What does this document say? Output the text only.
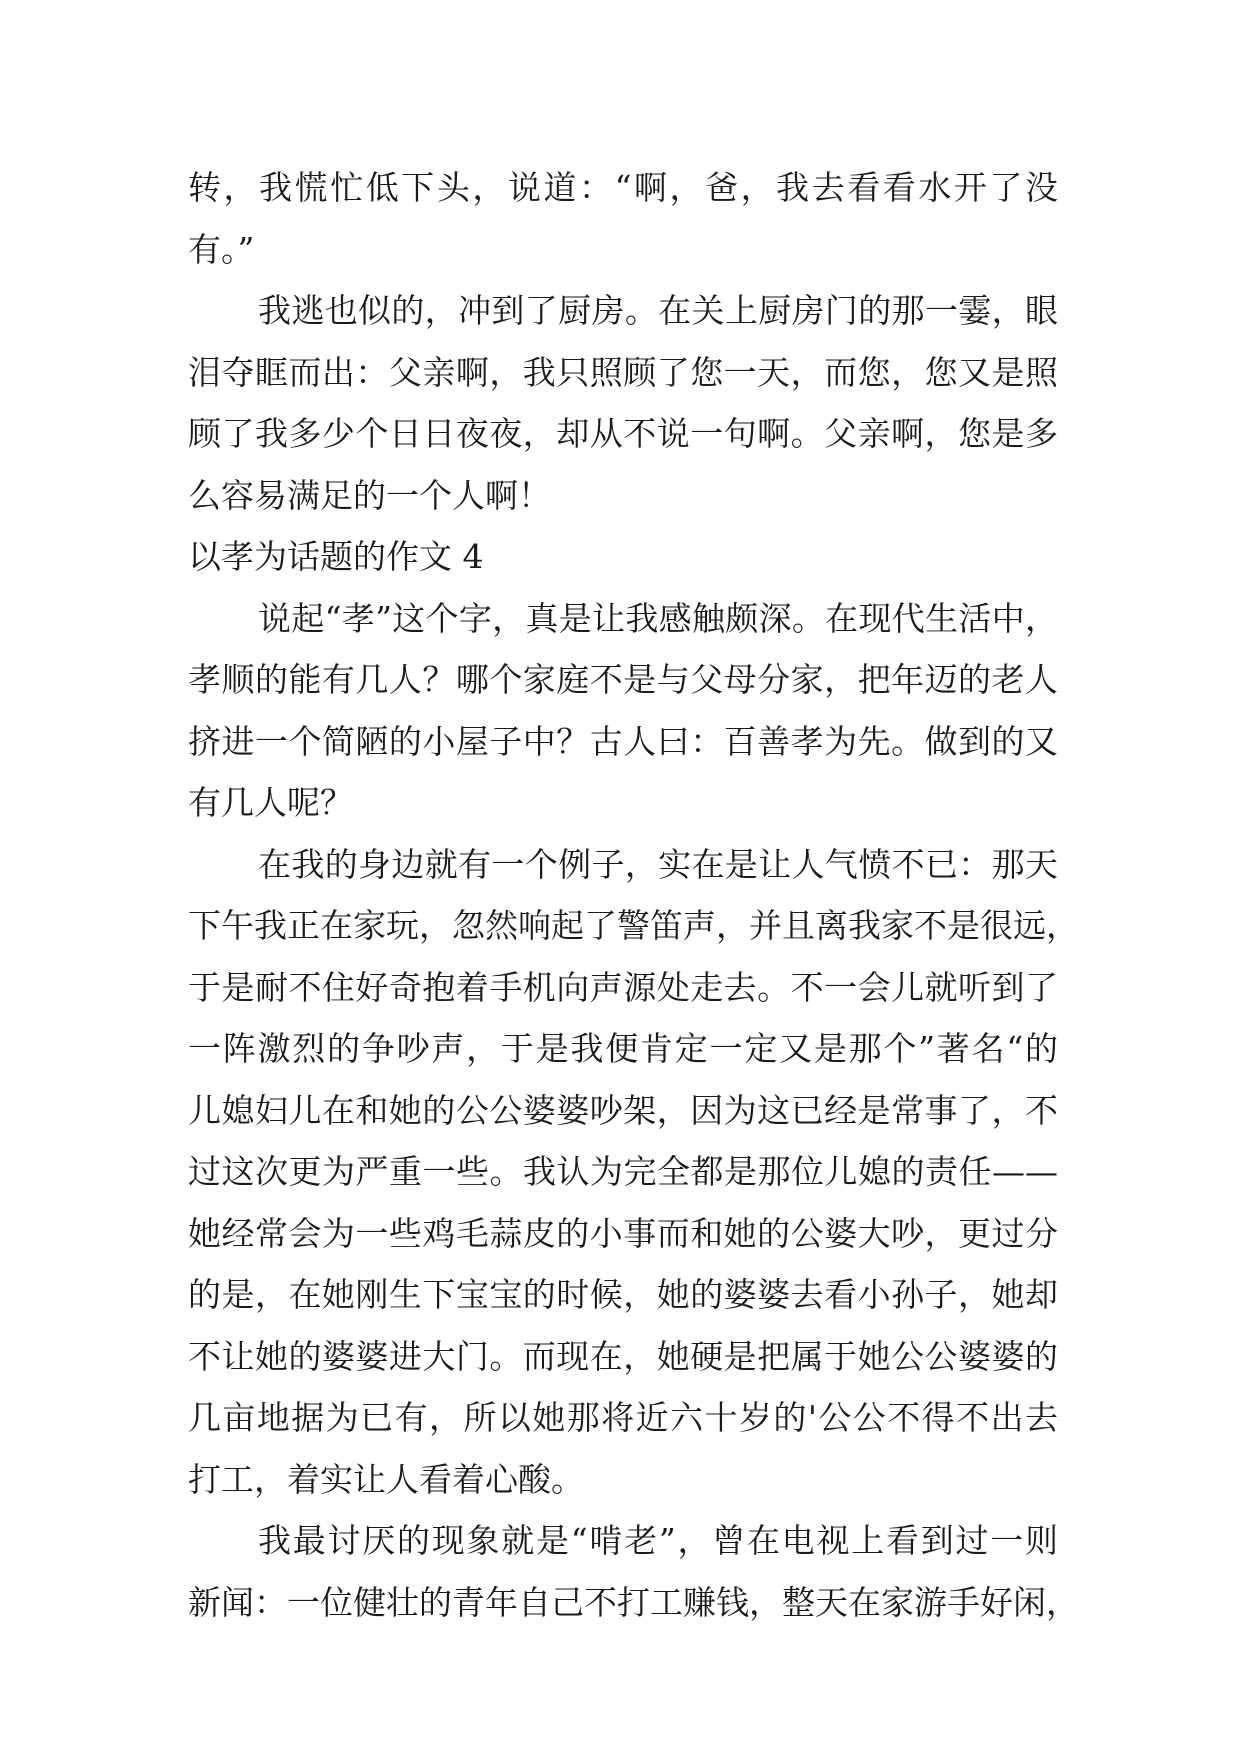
转，我慌忙低下头，说道：“啊，爸，我去看看水开了没
有。”
我逃也似的，冲到了厨房。在关上厨房门的那一霎，眼
泪夺眶而出：父亲啊，我只照顾了您一天，而您，您又是照
顾了我多少个日日夜夜，却从不说一句啊。父亲啊，您是多
么容易满足的一个人啊！
以孝为话题的作文 4
说起“孝”这个字，真是让我感触颇深。在现代生活中，
孝顺的能有几人？哪个家庭不是与父母分家，把年迈的老人
挤进一个简陋的小屋子中？古人曰：百善孝为先。做到的又
有几人呢？
在我的身边就有一个例子，实在是让人气愤不已：那天
下午我正在家玩，忽然响起了警笛声，并且离我家不是很远，
于是耐不住好奇抱着手机向声源处走去。不一会儿就听到了
一阵激烈的争吵声，于是我便肯定一定又是那个”著名“的
儿媳妇儿在和她的公公婆婆吵架，因为这已经是常事了，不
过这次更为严重一些。我认为完全都是那位儿媳的责任——
她经常会为一些鸡毛蒜皮的小事而和她的公婆大吵，更过分
的是，在她刚生下宝宝的时候，她的婆婆去看小孙子，她却
不让她的婆婆进大门。而现在，她硬是把属于她公公婆婆的
几亩地据为已有，所以她那将近六十岁的'公公不得不出去
打工，着实让人看着心酸。
我最讨厌的现象就是“啃老”，曾在电视上看到过一则
新闻：一位健壮的青年自己不打工赚钱，整天在家游手好闲，
